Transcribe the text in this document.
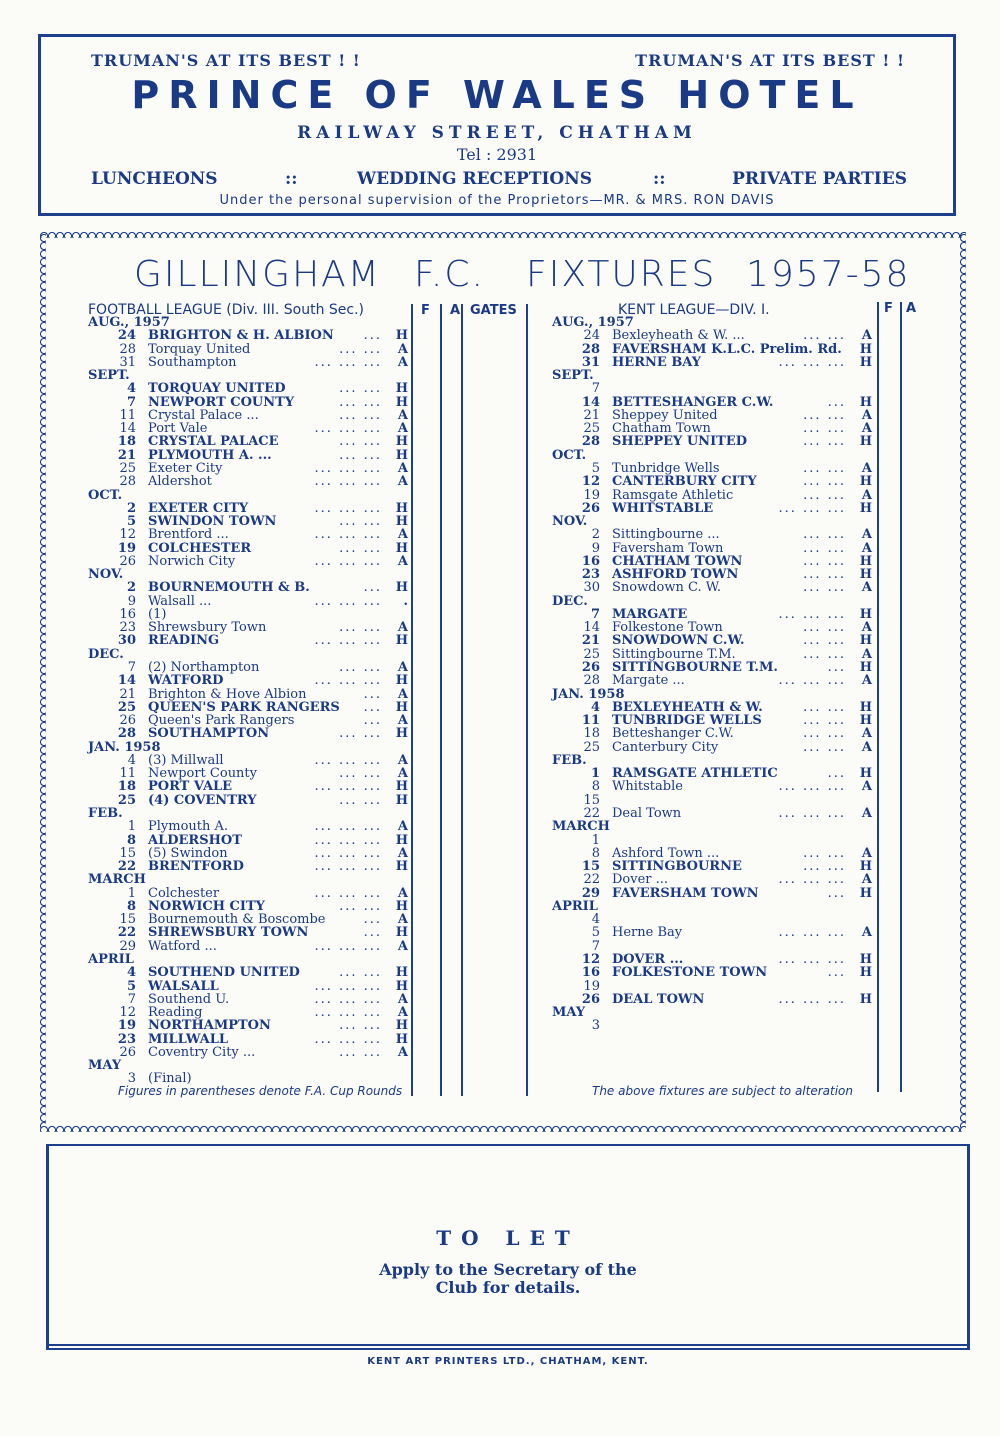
TRUMAN'S AT ITS BEST ! !	TRUMAN'S AT ITS BEST ! !
PRINCE OF WALES HOTEL
RAILWAY STREET, CHATHAM
Tel : 2931
LUNCHEONS	::	WEDDING RECEPTIONS	::	PRIVATE PARTIES
Under the personal supervision of the Proprietors—MR. & MRS. RON DAVIS
GILLINGHAM F.C. FIXTURES 1957-58
FOOTBALL LEAGUE (Div. III. South Sec.)	F A GATES	KENT LEAGUE—DIV. I.	F A
AUG., 1957
24 BRIGHTON & H. ALBION ... H
28 Torquay United	... ... A
31 Southampton	... ... ... A
SEPT.
4 TORQUAY UNITED	... ... H
7 NEWPORT COUNTY	... ... H
11 Crystal Palace ...	... ... A
14 Port Vale	... ... ... A
18 CRYSTAL PALACE	... ... H
21 PLYMOUTH A. ...	... ... H
25 Exeter City	... ... ... A
28 Aldershot	... ... ... A
OCT.
2 EXETER CITY	... ... ... H
5 SWINDON TOWN	... ... H
12 Brentford ...	... ... ... A
19 COLCHESTER	... ... H
26 Norwich City	... ... ... A
NOV.
2 BOURNEMOUTH & B.	... H
9 Walsall ...	... ... ... .
16 (1)
23 Shrewsbury Town	... ... A
30 READING	... ... ... H
DEC.
7 (2) Northampton	... ... A
14 WATFORD	... ... ... H
21 Brighton & Hove Albion	... A
25 QUEEN'S PARK RANGERS ... H
26 Queen's Park Rangers	... A
28 SOUTHAMPTON	... ... H
JAN. 1958
4 (3) Millwall	... ... ... A
11 Newport County	... ... A
18 PORT VALE	... ... ... H
25 (4) COVENTRY	... ... H
FEB.
1 Plymouth A.	... ... ... A
8 ALDERSHOT	... ... ... H
15 (5) Swindon	... ... ... A
22 BRENTFORD	... ... ... H
MARCH
1 Colchester	... ... ... A
8 NORWICH CITY	... ... H
15 Bournemouth & Boscombe	... A
22 SHREWSBURY TOWN	... H
29 Watford ...	... ... ... A
APRIL
4 SOUTHEND UNITED	... ... H
5 WALSALL	... ... ... H
7 Southend U.	... ... ... A
12 Reading	... ... ... A
19 NORTHAMPTON	... ... H
23 MILLWALL	... ... ... H
26 Coventry City ...	... ... A
MAY
3 (Final)
AUG., 1957
24 Bexleyheath & W. ...	... ... A
28 FAVERSHAM K.L.C. Prelim. Rd. H
31 HERNE BAY	... ... ... H
SEPT.
7
14 BETTESHANGER C.W.	... H
21 Sheppey United	... ... A
25 Chatham Town	... ... A
28 SHEPPEY UNITED	... ... H
OCT.
5 Tunbridge Wells	... ... A
12 CANTERBURY CITY	... ... H
19 Ramsgate Athletic	... ... A
26 WHITSTABLE	... ... ... H
NOV.
2 Sittingbourne ...	... ... A
9 Faversham Town	... ... A
16 CHATHAM TOWN	... ... H
23 ASHFORD TOWN	... ... H
30 Snowdown C. W.	... ... A
DEC.
7 MARGATE	... ... ... H
14 Folkestone Town	... ... A
21 SNOWDOWN C.W.	... ... H
25 Sittingbourne T.M.	... ... A
26 SITTINGBOURNE T.M.	... H
28 Margate ...	... ... ... A
JAN. 1958
4 BEXLEYHEATH & W.	... ... H
11 TUNBRIDGE WELLS	... ... H
18 Betteshanger C.W.	... ... A
25 Canterbury City	... ... A
FEB.
1 RAMSGATE ATHLETIC	... H
8 Whitstable	... ... ... A
15
22 Deal Town	... ... ... A
MARCH
1
8 Ashford Town ...	... ... A
15 SITTINGBOURNE	... ... H
22 Dover ...	... ... ... A
29 FAVERSHAM TOWN	... H
APRIL
4
5 Herne Bay	... ... ... A
7
12 DOVER ...	... ... ... H
16 FOLKESTONE TOWN	... H
19
26 DEAL TOWN	... ... ... H
MAY
3
Figures in parentheses denote F.A. Cup Rounds	The above fixtures are subject to alteration
TO LET
Apply to the Secretary of the
Club for details.
KENT ART PRINTERS LTD., CHATHAM, KENT.
